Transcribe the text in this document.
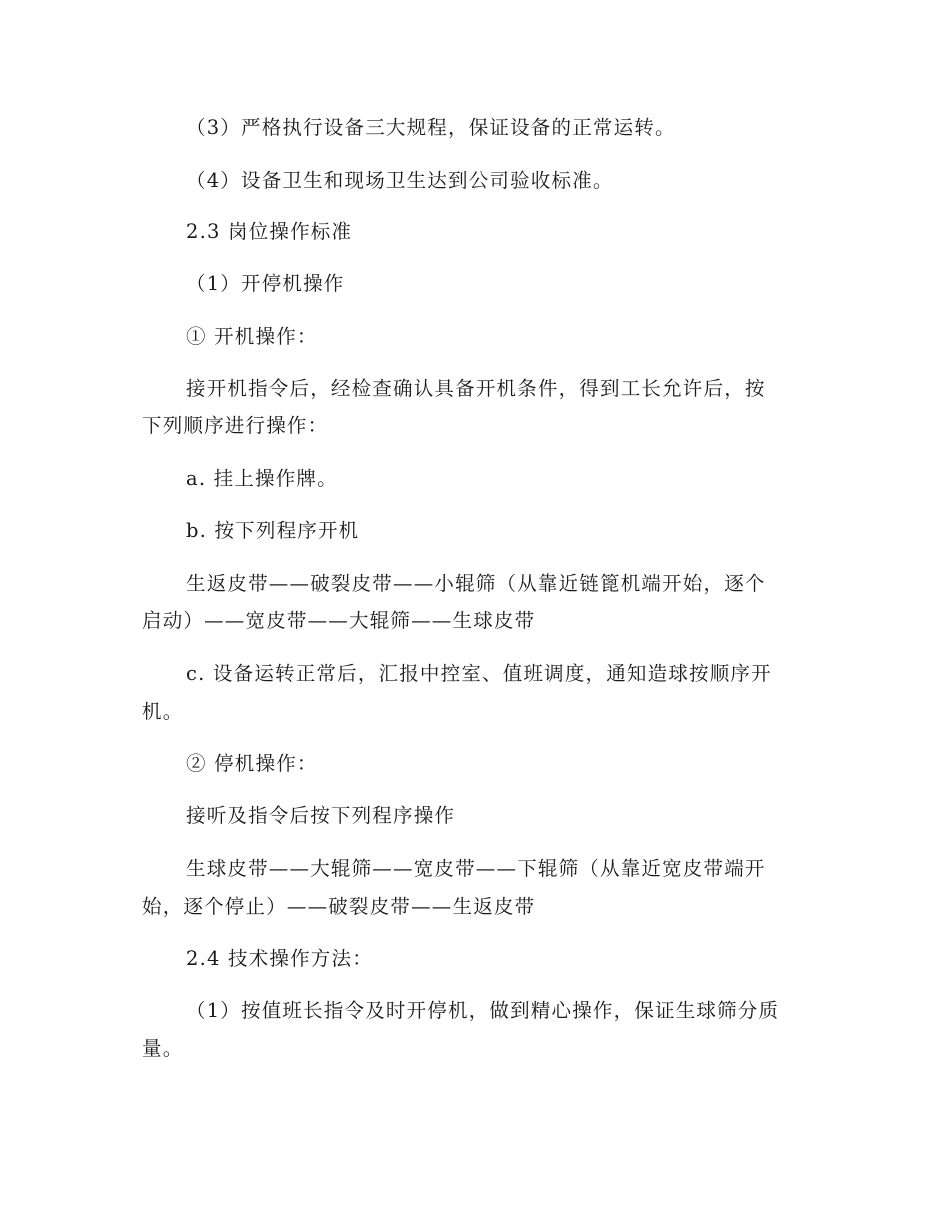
（3）严格执行设备三大规程，保证设备的正常运转。

（4）设备卫生和现场卫生达到公司验收标准。

2.3 岗位操作标准

（1）开停机操作

① 开机操作：

接开机指令后，经检查确认具备开机条件，得到工长允许后，按

下列顺序进行操作：

a. 挂上操作牌。

b. 按下列程序开机

生返皮带——破裂皮带——小辊筛（从靠近链篦机端开始，逐个

启动）——宽皮带——大辊筛——生球皮带

c. 设备运转正常后，汇报中控室、值班调度，通知造球按顺序开

机。

② 停机操作：

接听及指令后按下列程序操作

生球皮带——大辊筛——宽皮带——下辊筛（从靠近宽皮带端开

始，逐个停止）——破裂皮带——生返皮带

2.4 技术操作方法：

（1）按值班长指令及时开停机，做到精心操作，保证生球筛分质

量。
